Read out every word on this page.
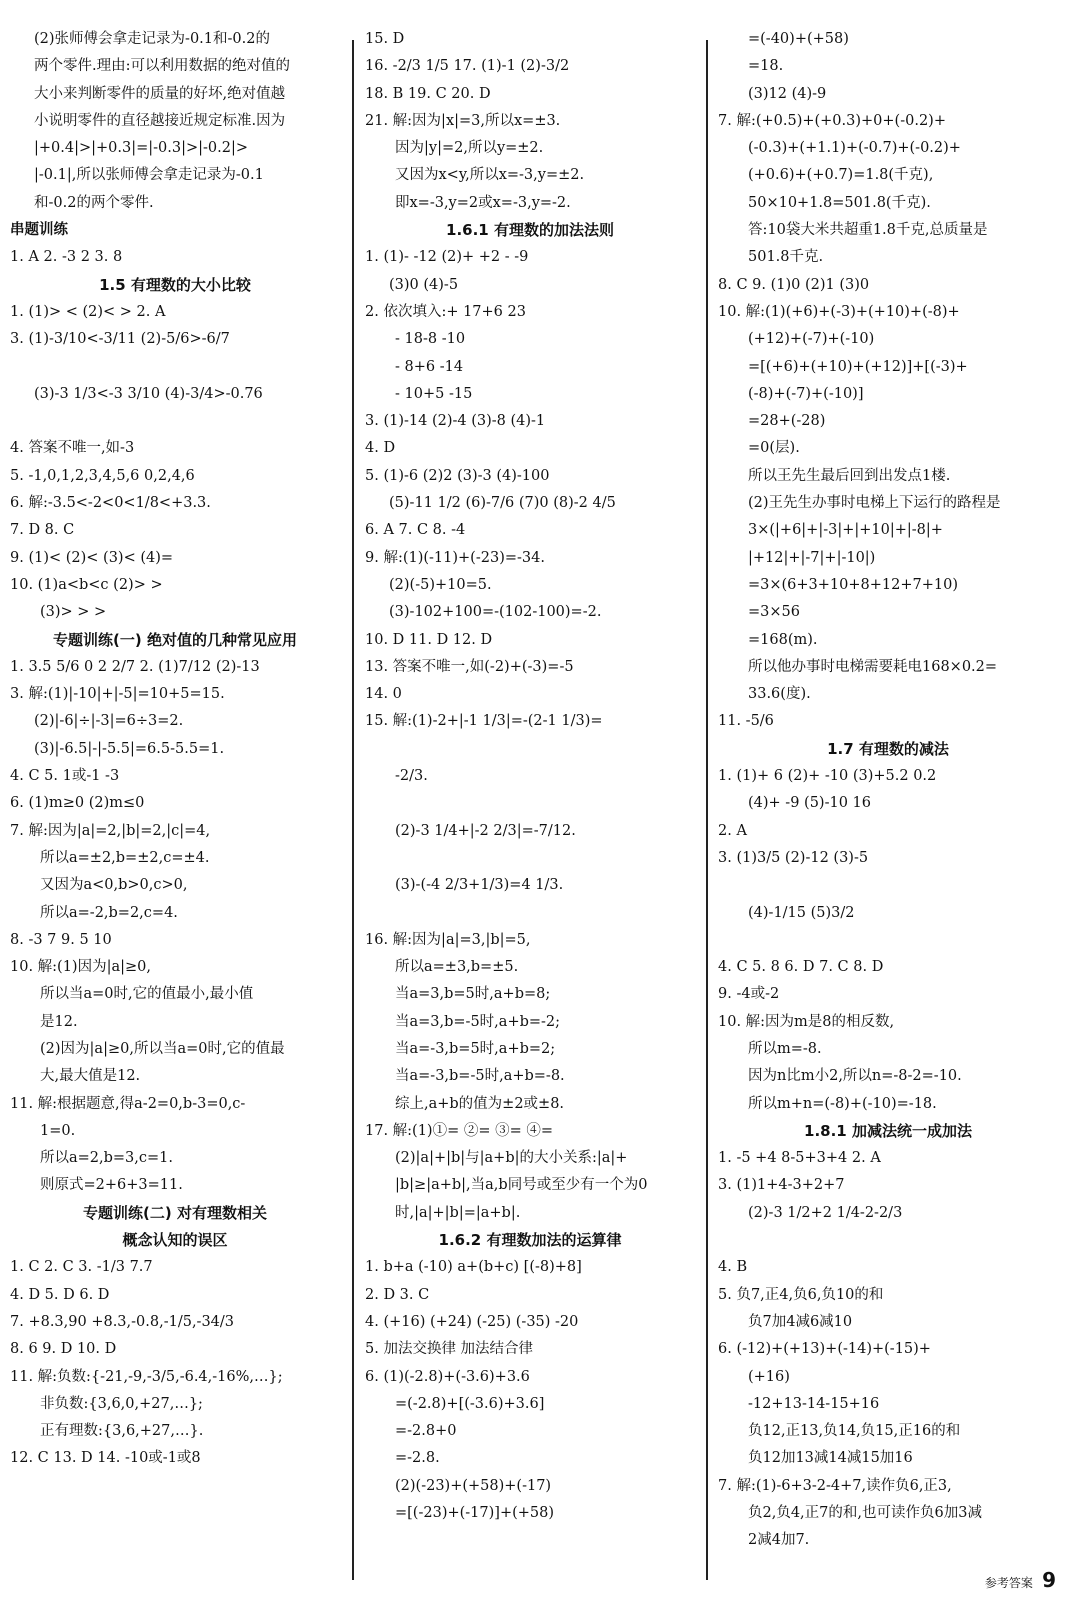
(2)张师傅会拿走记录为-0.1和-0.2的
两个零件.理由:可以利用数据的绝对值的
大小来判断零件的质量的好坏,绝对值越
小说明零件的直径越接近规定标准.因为
|+0.4|>|+0.3|=|-0.3|>|-0.2|>
|-0.1|,所以张师傅会拿走记录为-0.1
和-0.2的两个零件.
串题训练
1. A 2. -3 2 3. 8
1.5 有理数的大小比较
1. (1)> < (2)< > 2. A
3. (1)-3/10<-3/11 (2)-5/6>-6/7
(3)-3 1/3<-3 3/10 (4)-3/4>-0.76
4. 答案不唯一,如-3
5. -1,0,1,2,3,4,5,6 0,2,4,6
6. 解:-3.5<-2<0<1/8<+3.3.
7. D 8. C
9. (1)< (2)< (3)< (4)=
10. (1)a<b<c (2)> >
(3)> > >
专题训练(一) 绝对值的几种常见应用
1. 3.5 5/6 0 2 2/7 2. (1)7/12 (2)-13
3. 解:(1)|-10|+|-5|=10+5=15.
(2)|-6|÷|-3|=6÷3=2.
(3)|-6.5|-|-5.5|=6.5-5.5=1.
4. C 5. 1或-1 -3
6. (1)m≥0 (2)m≤0
7. 解:因为|a|=2,|b|=2,|c|=4,
所以a=±2,b=±2,c=±4.
又因为a<0,b>0,c>0,
所以a=-2,b=2,c=4.
8. -3 7 9. 5 10
10. 解:(1)因为|a|≥0,
所以当a=0时,它的值最小,最小值
是12.
(2)因为|a|≥0,所以当a=0时,它的值最
大,最大值是12.
11. 解:根据题意,得a-2=0,b-3=0,c-
1=0.
所以a=2,b=3,c=1.
则原式=2+6+3=11.
专题训练(二) 对有理数相关
概念认知的误区
1. C 2. C 3. -1/3 7.7
4. D 5. D 6. D
7. +8.3,90 +8.3,-0.8,-1/5,-34/3
8. 6 9. D 10. D
11. 解:负数:{-21,-9,-3/5,-6.4,-16%,…};
非负数:{3,6,0,+27,…};
正有理数:{3,6,+27,…}.
12. C 13. D 14. -10或-1或8
15. D
16. -2/3 1/5 17. (1)-1 (2)-3/2
18. B 19. C 20. D
21. 解:因为|x|=3,所以x=±3.
因为|y|=2,所以y=±2.
又因为x<y,所以x=-3,y=±2.
即x=-3,y=2或x=-3,y=-2.
1.6.1 有理数的加法法则
1. (1)- -12 (2)+ +2 - -9
(3)0 (4)-5
2. 依次填入:+ 17+6 23
- 18-8 -10
- 8+6 -14
- 10+5 -15
3. (1)-14 (2)-4 (3)-8 (4)-1
4. D
5. (1)-6 (2)2 (3)-3 (4)-100
(5)-11 1/2 (6)-7/6 (7)0 (8)-2 4/5
6. A 7. C 8. -4
9. 解:(1)(-11)+(-23)=-34.
(2)(-5)+10=5.
(3)-102+100=-(102-100)=-2.
10. D 11. D 12. D
13. 答案不唯一,如(-2)+(-3)=-5
14. 0
15. 解:(1)-2+|-1 1/3|=-(2-1 1/3)=
-2/3.
(2)-3 1/4+|-2 2/3|=-7/12.
(3)-(-4 2/3+1/3)=4 1/3.
16. 解:因为|a|=3,|b|=5,
所以a=±3,b=±5.
当a=3,b=5时,a+b=8;
当a=3,b=-5时,a+b=-2;
当a=-3,b=5时,a+b=2;
当a=-3,b=-5时,a+b=-8.
综上,a+b的值为±2或±8.
17. 解:(1)①= ②= ③= ④=
(2)|a|+|b|与|a+b|的大小关系:|a|+
|b|≥|a+b|,当a,b同号或至少有一个为0
时,|a|+|b|=|a+b|.
1.6.2 有理数加法的运算律
1. b+a (-10) a+(b+c) [(-8)+8]
2. D 3. C
4. (+16) (+24) (-25) (-35) -20
5. 加法交换律 加法结合律
6. (1)(-2.8)+(-3.6)+3.6
=(-2.8)+[(-3.6)+3.6]
=-2.8+0
=-2.8.
(2)(-23)+(+58)+(-17)
=[(-23)+(-17)]+(+58)
=(-40)+(+58)
=18.
(3)12 (4)-9
7. 解:(+0.5)+(+0.3)+0+(-0.2)+
(-0.3)+(+1.1)+(-0.7)+(-0.2)+
(+0.6)+(+0.7)=1.8(千克),
50×10+1.8=501.8(千克).
答:10袋大米共超重1.8千克,总质量是
501.8千克.
8. C 9. (1)0 (2)1 (3)0
10. 解:(1)(+6)+(-3)+(+10)+(-8)+
(+12)+(-7)+(-10)
=[(+6)+(+10)+(+12)]+[(-3)+
(-8)+(-7)+(-10)]
=28+(-28)
=0(层).
所以王先生最后回到出发点1楼.
(2)王先生办事时电梯上下运行的路程是
3×(|+6|+|-3|+|+10|+|-8|+
|+12|+|-7|+|-10|)
=3×(6+3+10+8+12+7+10)
=3×56
=168(m).
所以他办事时电梯需要耗电168×0.2=
33.6(度).
11. -5/6
1.7 有理数的减法
1. (1)+ 6 (2)+ -10 (3)+5.2 0.2
(4)+ -9 (5)-10 16
2. A
3. (1)3/5 (2)-12 (3)-5
(4)-1/15 (5)3/2
4. C 5. 8 6. D 7. C 8. D
9. -4或-2
10. 解:因为m是8的相反数,
所以m=-8.
因为n比m小2,所以n=-8-2=-10.
所以m+n=(-8)+(-10)=-18.
1.8.1 加减法统一成加法
1. -5 +4 8-5+3+4 2. A
3. (1)1+4-3+2+7
(2)-3 1/2+2 1/4-2-2/3
4. B
5. 负7,正4,负6,负10的和
负7加4减6减10
6. (-12)+(+13)+(-14)+(-15)+
(+16)
-12+13-14-15+16
负12,正13,负14,负15,正16的和
负12加13减14减15加16
7. 解:(1)-6+3-2-4+7,读作负6,正3,
负2,负4,正7的和,也可读作负6加3减
2减4加7.
参考答案 9
